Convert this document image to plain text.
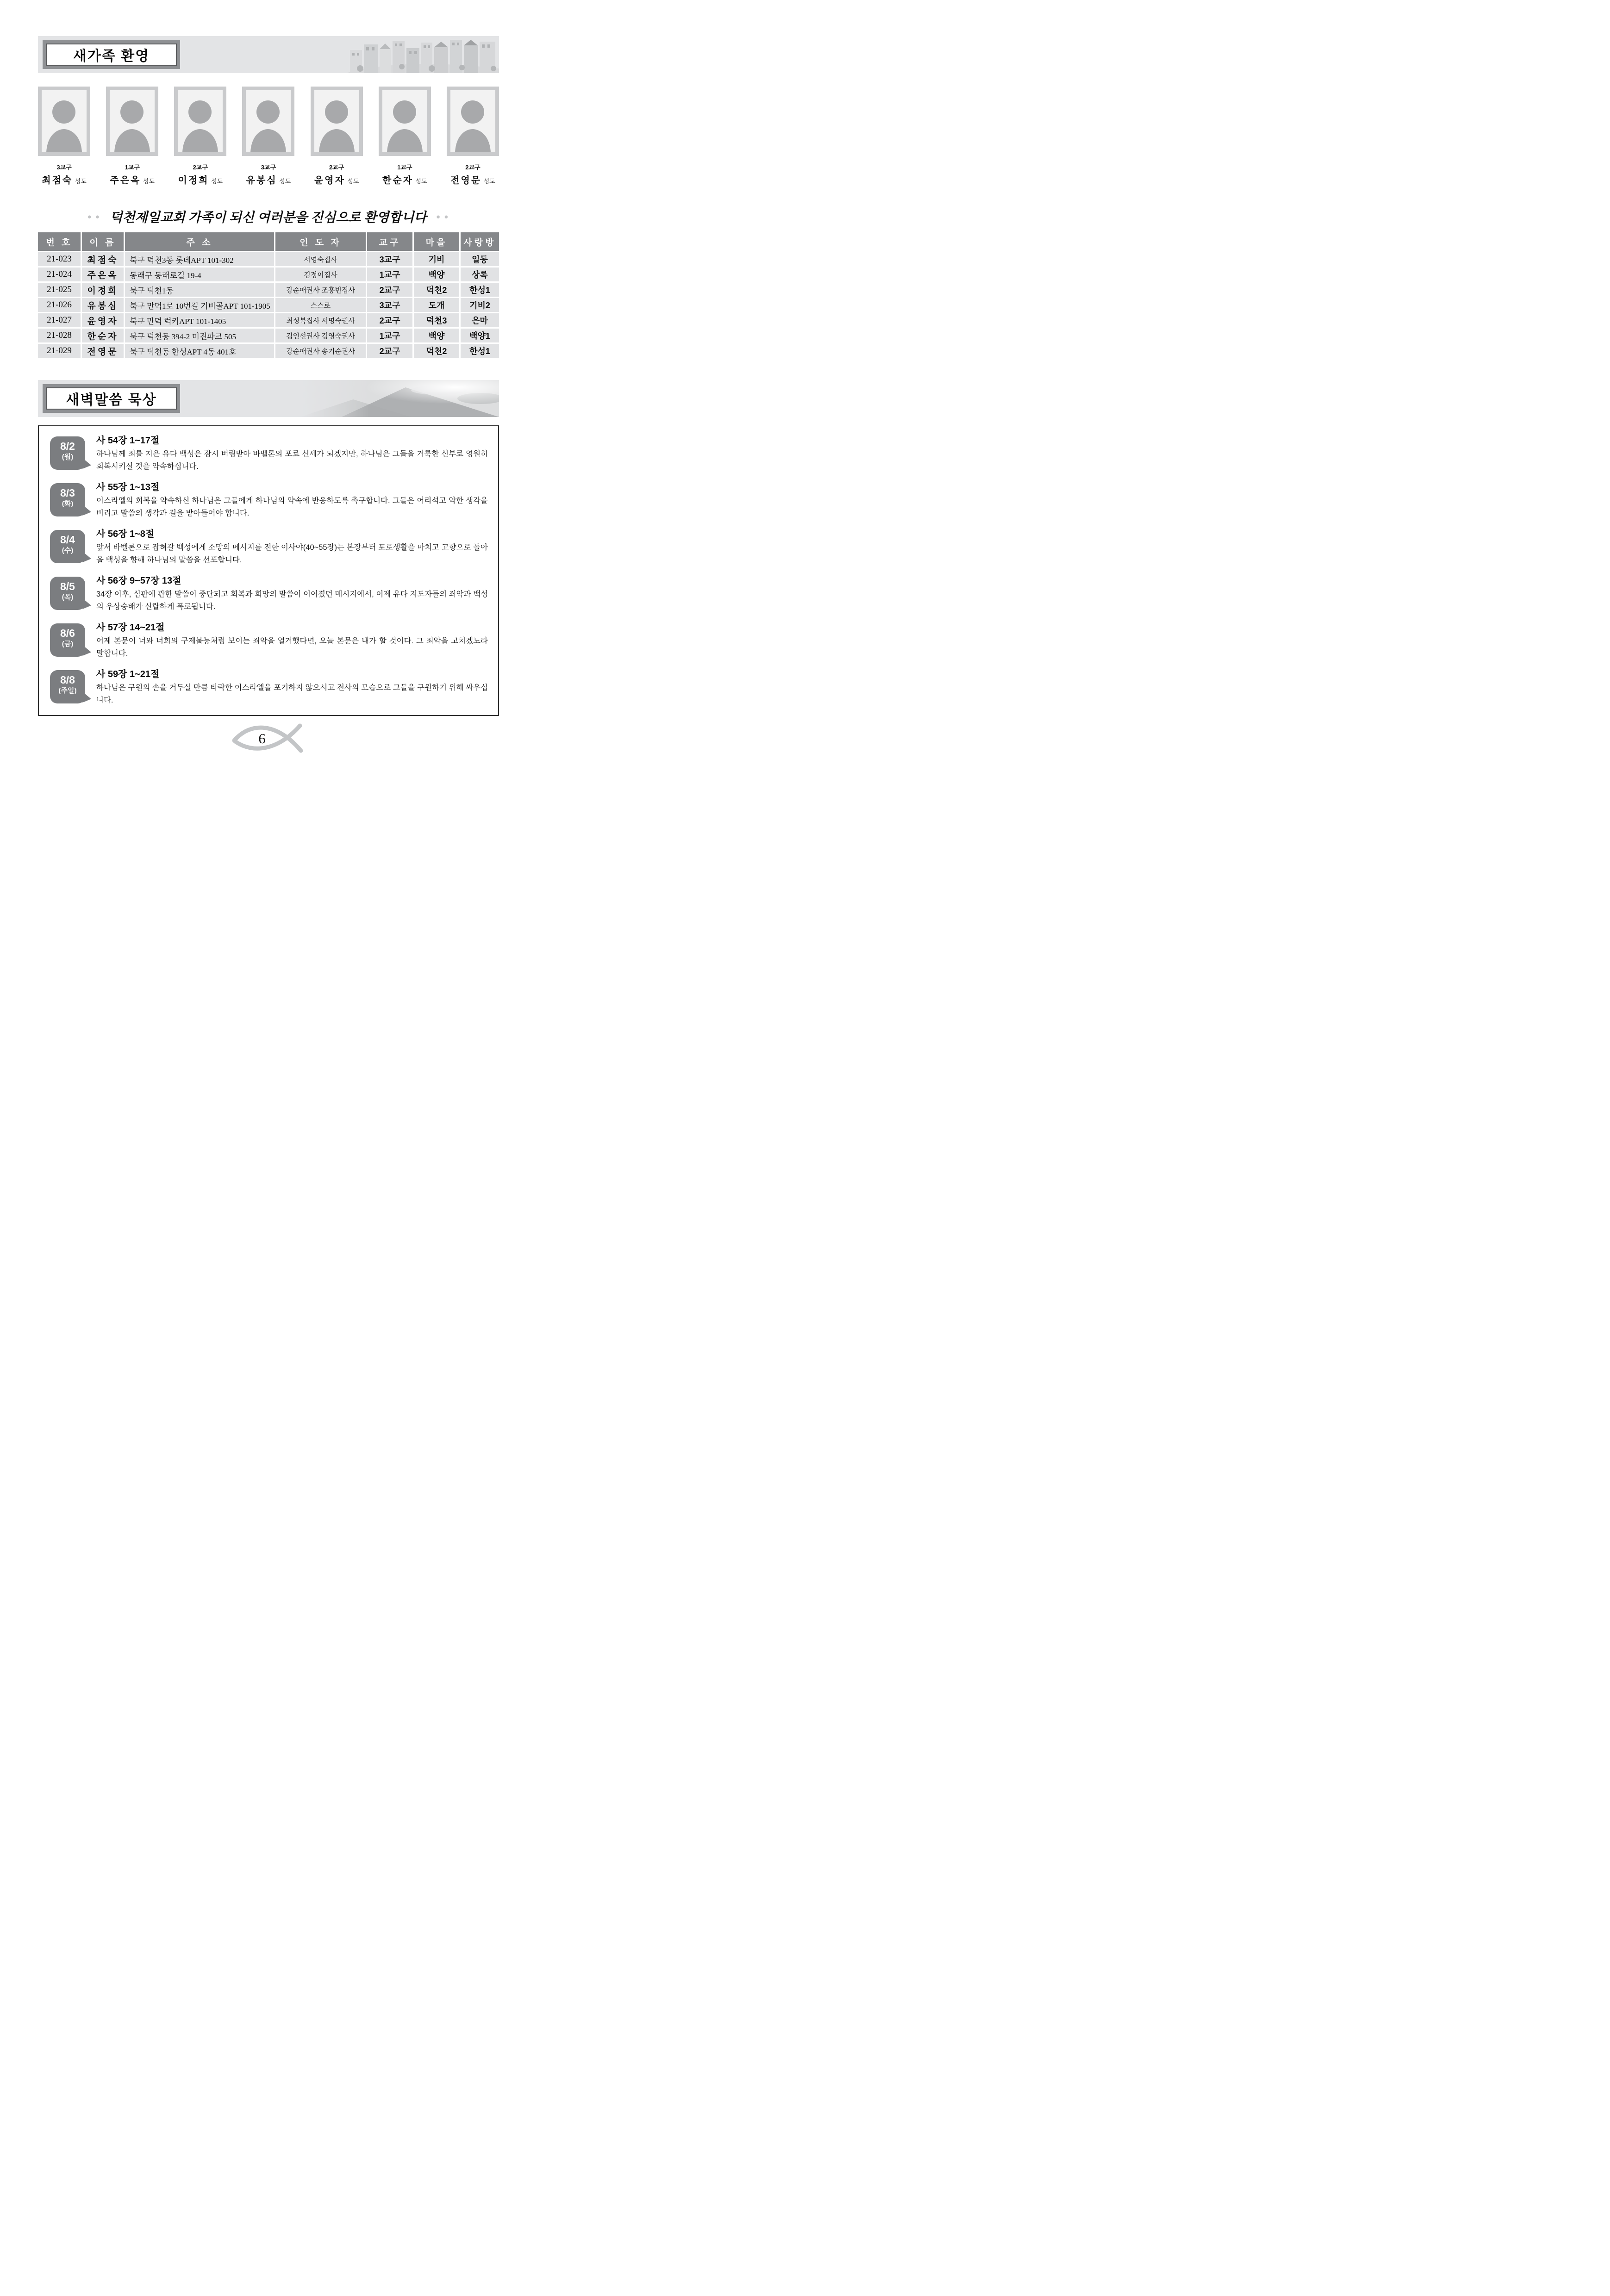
새가족 환영
3교구
최점숙 성도
1교구
주은옥 성도
2교구
이정희 성도
3교구
유봉심 성도
2교구
윤영자 성도
1교구
한순자 성도
2교구
전영문 성도
● ● 덕천제일교회 가족이 되신 여러분을 진심으로 환영합니다 ● ●
번 호	이 름	주 소	인 도 자	교구	마을	사랑방
21-023	최점숙	북구 덕천3동 롯데APT 101-302	서영숙집사	3교구	기비	일동
21-024	주은옥	동래구 동래로길 19-4	김정이집사	1교구	백양	상록
21-025	이정희	북구 덕천1동	강순애권사 조홍빈집사	2교구	덕천2	한성1
21-026	유봉심	북구 만덕1로 10번길 기비골APT 101-1905	스스로	3교구	도개	기비2
21-027	윤영자	북구 만덕 럭키APT 101-1405	최성복집사 서명숙권사	2교구	덕천3	은마
21-028	한순자	북구 덕천동 394-2 미진파크 505	김인선권사 김영숙권사	1교구	백양	백양1
21-029	전영문	북구 덕천동 한성APT 4동 401호	강순애권사 송기순권사	2교구	덕천2	한성1
새벽말씀 묵상
8/2
(월)
사 54장 1~17절

하나님께 죄를 지은 유다 백성은 잠시 버림받아 바벨론의 포로 신세가 되겠지만, 하나님은 그들을 거룩한 신부로 영원히 회복시키실 것을 약속하십니다.

8/3
(화)
사 55장 1~13절

이스라엘의 회복을 약속하신 하나님은 그들에게 하나님의 약속에 반응하도록 촉구합니다. 그들은 어리석고 악한 생각을 버리고 말씀의 생각과 길을 받아들여야 합니다.

8/4
(수)
사 56장 1~8절

앞서 바벨론으로 잡혀갈 백성에게 소망의 메시지를 전한 이사야(40~55장)는 본장부터 포로생활을 마치고 고향으로 돌아올 백성을 향해 하나님의 말씀을 선포합니다.

8/5
(목)
사 56장 9~57장 13절

34장 이후, 심판에 관한 말씀이 중단되고 회복과 희망의 말씀이 이어졌던 메시지에서, 이제 유다 지도자들의 죄악과 백성의 우상숭배가 신랄하게 폭로됩니다.

8/6
(금)
사 57장 14~21절

어제 본문이 너와 너희의 구제불능처럼 보이는 죄악을 열거했다면, 오늘 본문은 내가 할 것이다. 그 죄악을 고치겠노라 말합니다.

8/8
(주일)
사 59장 1~21절

하나님은 구원의 손을 거두실 만큼 타락한 이스라엘을 포기하지 않으시고 전사의 모습으로 그들을 구원하기 위해 싸우십니다.

6
